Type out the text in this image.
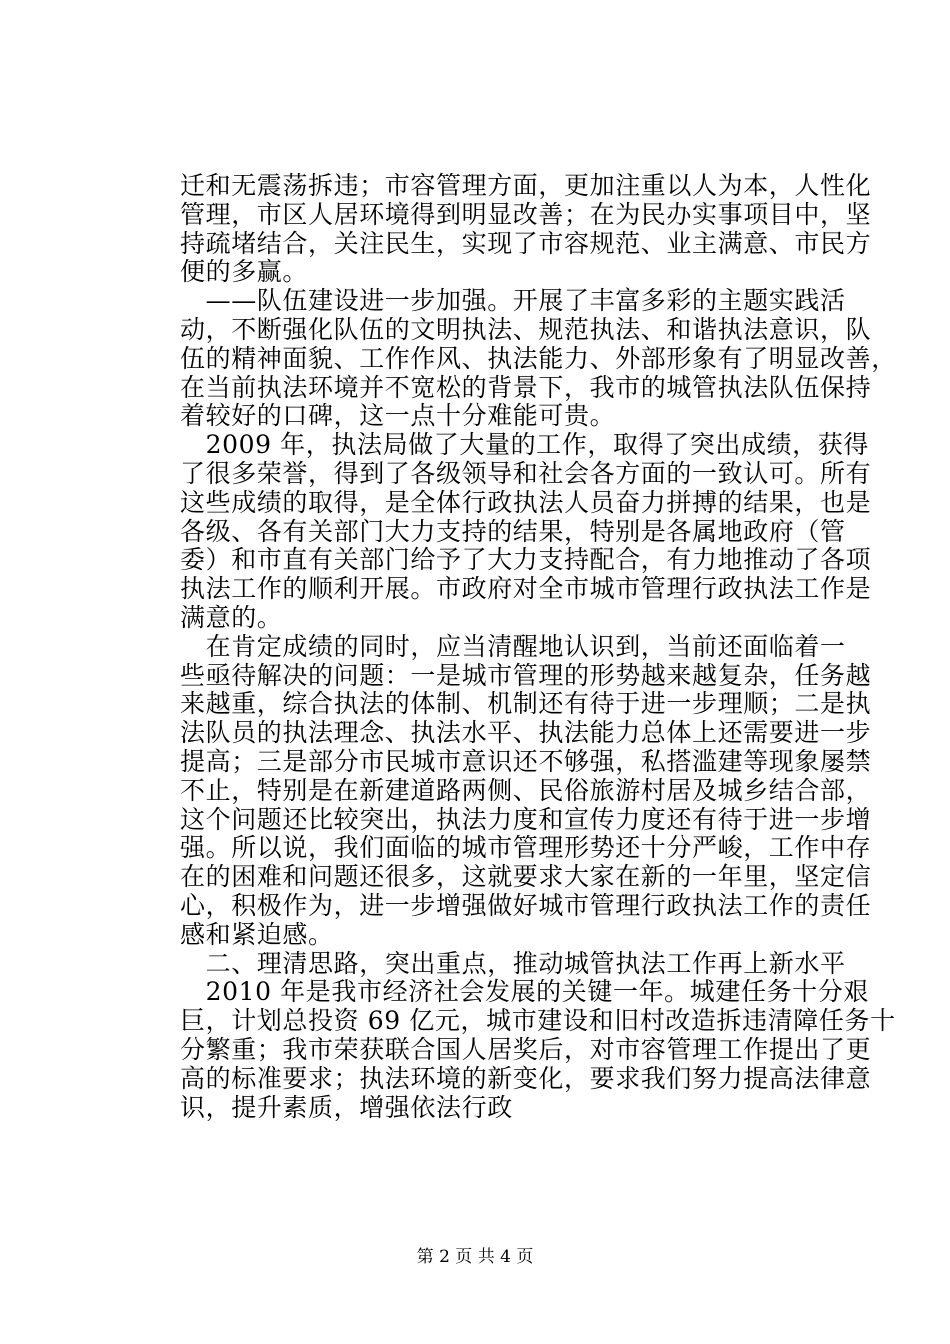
迁和无震荡拆违；市容管理方面，更加注重以人为本，人性化
管理，市区人居环境得到明显改善；在为民办实事项目中，坚
持疏堵结合，关注民生，实现了市容规范、业主满意、市民方
便的多赢。
　——队伍建设进一步加强。开展了丰富多彩的主题实践活
动，不断强化队伍的文明执法、规范执法、和谐执法意识，队
伍的精神面貌、工作作风、执法能力、外部形象有了明显改善，
在当前执法环境并不宽松的背景下，我市的城管执法队伍保持
着较好的口碑，这一点十分难能可贵。
　2009 年，执法局做了大量的工作，取得了突出成绩，获得
了很多荣誉，得到了各级领导和社会各方面的一致认可。所有
这些成绩的取得，是全体行政执法人员奋力拼搏的结果，也是
各级、各有关部门大力支持的结果，特别是各属地政府（管
委）和市直有关部门给予了大力支持配合，有力地推动了各项
执法工作的顺利开展。市政府对全市城市管理行政执法工作是
满意的。
　在肯定成绩的同时，应当清醒地认识到，当前还面临着一
些亟待解决的问题：一是城市管理的形势越来越复杂，任务越
来越重，综合执法的体制、机制还有待于进一步理顺；二是执
法队员的执法理念、执法水平、执法能力总体上还需要进一步
提高；三是部分市民城市意识还不够强，私搭滥建等现象屡禁
不止，特别是在新建道路两侧、民俗旅游村居及城乡结合部，
这个问题还比较突出，执法力度和宣传力度还有待于进一步增
强。所以说，我们面临的城市管理形势还十分严峻，工作中存
在的困难和问题还很多，这就要求大家在新的一年里，坚定信
心，积极作为，进一步增强做好城市管理行政执法工作的责任
感和紧迫感。
　二、理清思路，突出重点，推动城管执法工作再上新水平
　2010 年是我市经济社会发展的关键一年。城建任务十分艰
巨，计划总投资 69 亿元，城市建设和旧村改造拆违清障任务十
分繁重；我市荣获联合国人居奖后，对市容管理工作提出了更
高的标准要求；执法环境的新变化，要求我们努力提高法律意
识，提升素质，增强依法行政
第 2 页 共 4 页
